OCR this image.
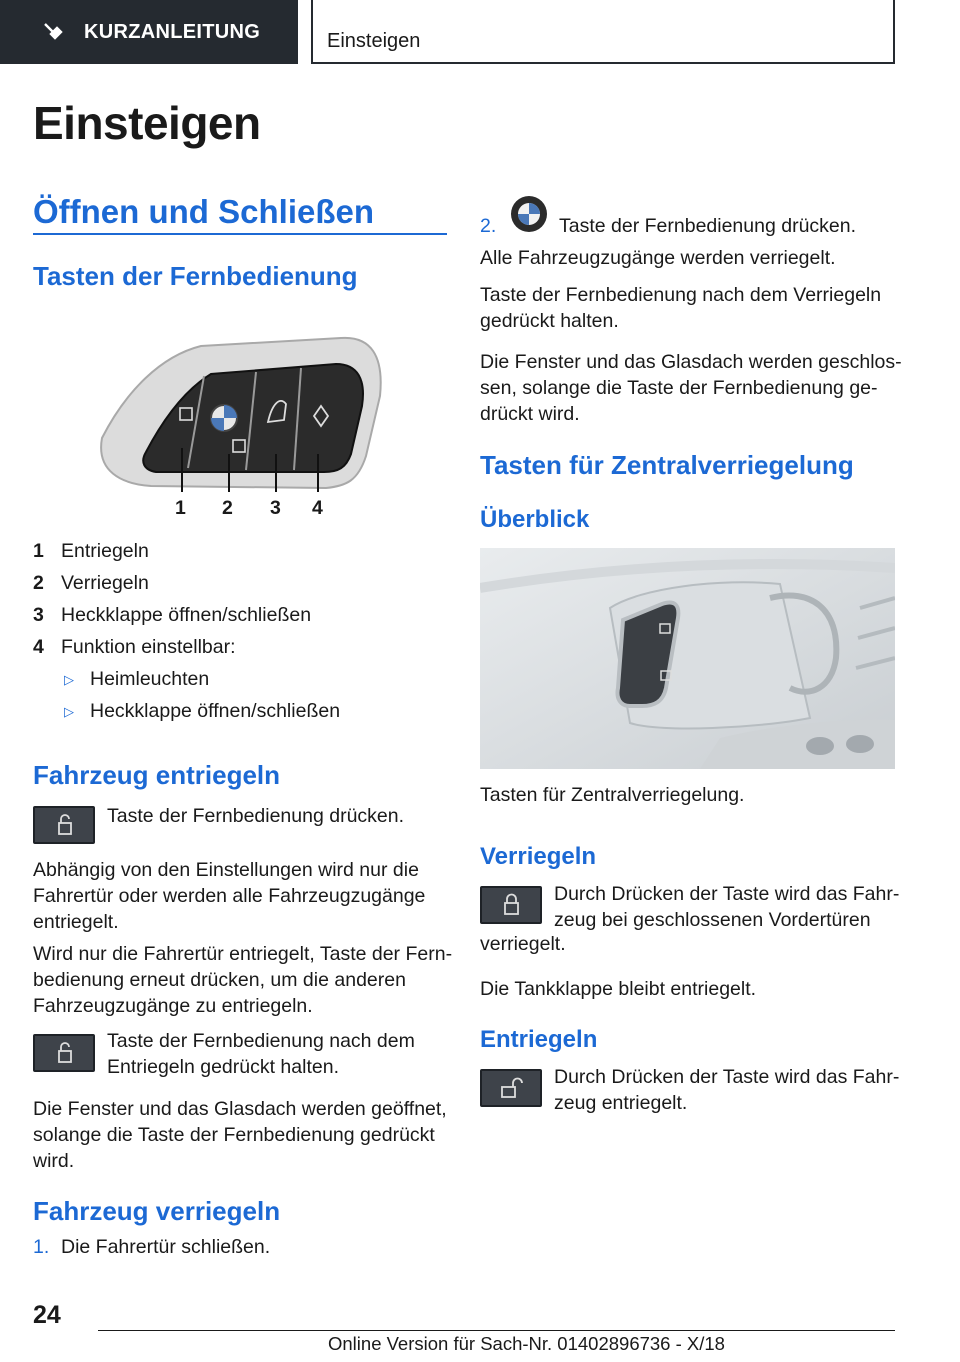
KURZANLEITUNG	Einsteigen
Einsteigen
Öffnen und Schließen
Tasten der Fernbedienung
1 2 3 4
1 Entriegeln
2 Verriegeln
3 Heckklappe öffnen/schließen
4 Funktion einstellbar:
▷ Heimleuchten
▷ Heckklappe öffnen/schließen
Fahrzeug entriegeln
Taste der Fernbedienung drücken.
Abhängig von den Einstellungen wird nur die
Fahrertür oder werden alle Fahrzeugzugänge
entriegelt.
Wird nur die Fahrertür entriegelt, Taste der Fern-
bedienung erneut drücken, um die anderen
Fahrzeugzugänge zu entriegeln.
Taste der Fernbedienung nach dem
Entriegeln gedrückt halten.
Die Fenster und das Glasdach werden geöffnet,
solange die Taste der Fernbedienung gedrückt
wird.
Fahrzeug verriegeln
1. Die Fahrertür schließen.
2.	Taste der Fernbedienung drücken.
Alle Fahrzeugzugänge werden verriegelt.
Taste der Fernbedienung nach dem Verriegeln
gedrückt halten.
Die Fenster und das Glasdach werden geschlos-
sen, solange die Taste der Fernbedienung ge-
drückt wird.
Tasten für Zentralverriegelung
Überblick
Tasten für Zentralverriegelung.
Verriegeln
Durch Drücken der Taste wird das Fahr-
zeug bei geschlossenen Vordertüren
verriegelt.
Die Tankklappe bleibt entriegelt.
Entriegeln
Durch Drücken der Taste wird das Fahr-
zeug entriegelt.
24
Online Version für Sach-Nr. 01402896736 - X/18
